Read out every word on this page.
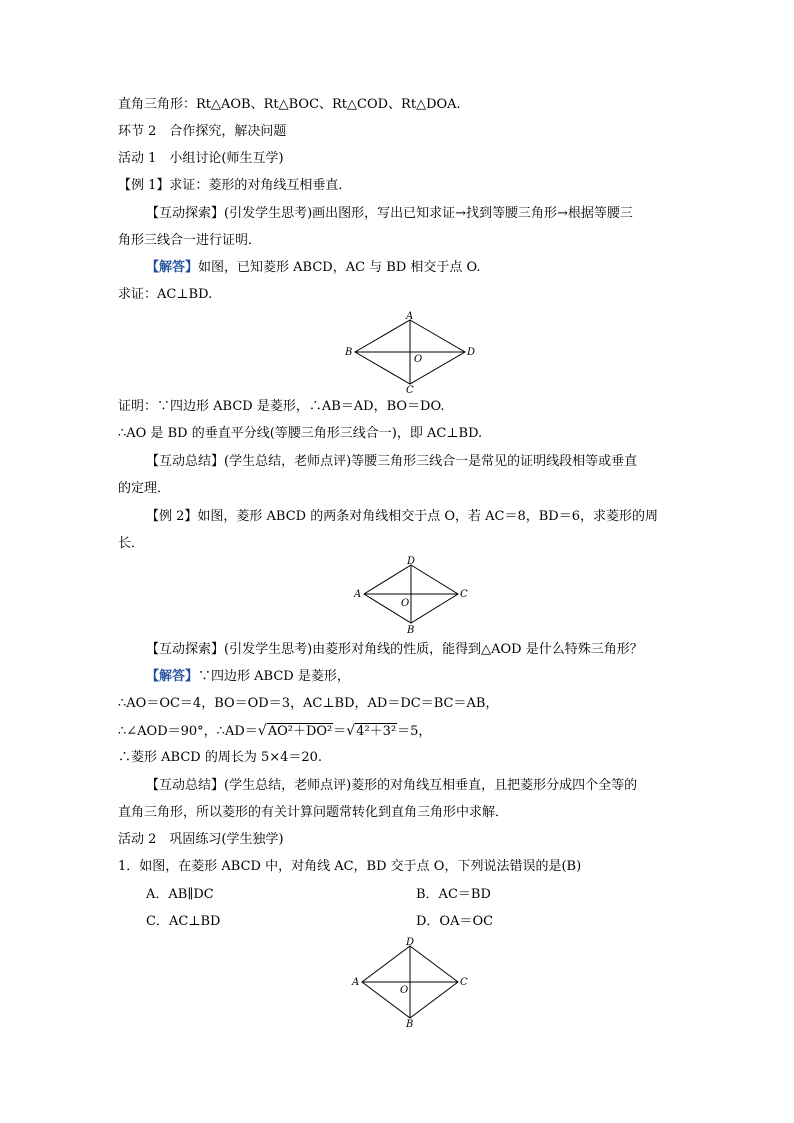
直角三角形：Rt△AOB、Rt△BOC、Rt△COD、Rt△DOA.
环节 2　合作探究，解决问题
活动 1　小组讨论(师生互学)
【例 1】求证：菱形的对角线互相垂直．
【互动探索】(引发学生思考)画出图形，写出已知求证→找到等腰三角形→根据等腰三
角形三线合一进行证明．
【解答】如图，已知菱形 ABCD，AC 与 BD 相交于点 O.
求证：AC⊥BD.
A
B	D
C
O
证明：∵四边形 ABCD 是菱形，∴AB＝AD，BO＝DO.
∴AO 是 BD 的垂直平分线(等腰三角形三线合一)，即 AC⊥BD.
【互动总结】(学生总结，老师点评)等腰三角形三线合一是常见的证明线段相等或垂直
的定理．
【例 2】如图，菱形 ABCD 的两条对角线相交于点 O，若 AC＝8，BD＝6，求菱形的周
长．
D
A	C
B
O
【互动探索】(引发学生思考)由菱形对角线的性质，能得到△AOD 是什么特殊三角形？
【解答】∵四边形 ABCD 是菱形，
∴AO＝OC＝4，BO＝OD＝3，AC⊥BD，AD＝DC＝BC＝AB，
∴∠AOD＝90°，∴AD＝√AO²＋DO²＝√4²＋3²＝5，
∴菱形 ABCD 的周长为 5×4＝20.
【互动总结】(学生总结，老师点评)菱形的对角线互相垂直，且把菱形分成四个全等的
直角三角形，所以菱形的有关计算问题常转化到直角三角形中求解．
活动 2　巩固练习(学生独学)
1．如图，在菱形 ABCD 中，对角线 AC，BD 交于点 O，下列说法错误的是(B)
A．AB∥DC	B．AC＝BD
C．AC⊥BD	D．OA＝OC
D
A	C
B
O
